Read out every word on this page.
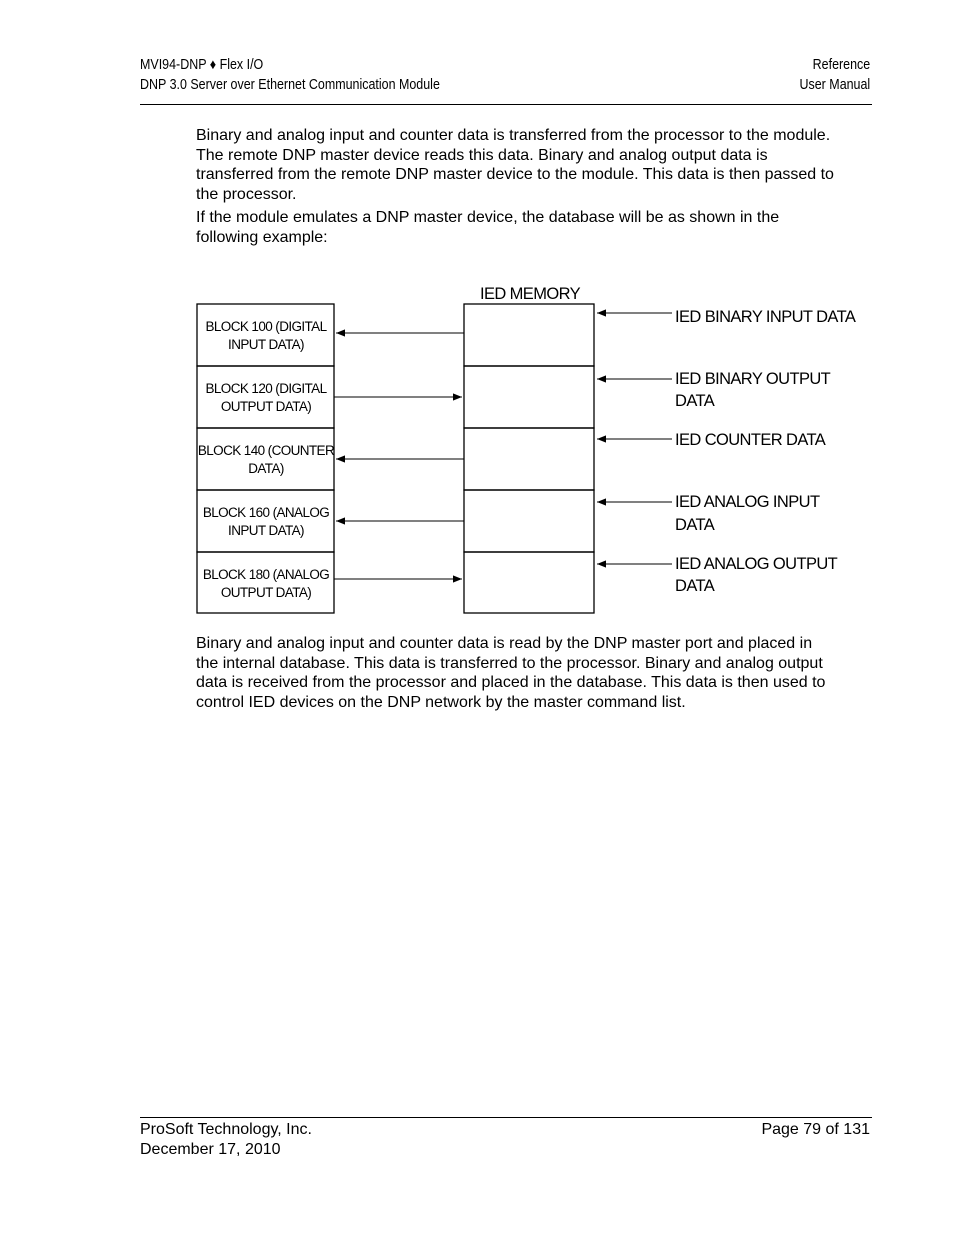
MVI94-DNP ♦ Flex I/O
DNP 3.0 Server over Ethernet Communication Module
Reference
User Manual

Binary and analog input and counter data is transferred from the processor to the module. The remote DNP master device reads this data. Binary and analog output data is transferred from the remote DNP master device to the module. This data is then passed to the processor.

If the module emulates a DNP master device, the database will be as shown in the following example:

IED MEMORY
BLOCK 100 (DIGITAL
INPUT DATA)
IED BINARY INPUT DATA
BLOCK 120 (DIGITAL
OUTPUT DATA)
IED BINARY OUTPUT
DATA
BLOCK 140 (COUNTER
DATA)
IED COUNTER DATA
BLOCK 160 (ANALOG
INPUT DATA)
IED ANALOG INPUT
DATA
BLOCK 180 (ANALOG
OUTPUT DATA)
IED ANALOG OUTPUT
DATA

Binary and analog input and counter data is read by the DNP master port and placed in the internal database. This data is transferred to the processor. Binary and analog output data is received from the processor and placed in the database. This data is then used to control IED devices on the DNP network by the master command list.

ProSoft Technology, Inc.
December 17, 2010
Page 79 of 131
